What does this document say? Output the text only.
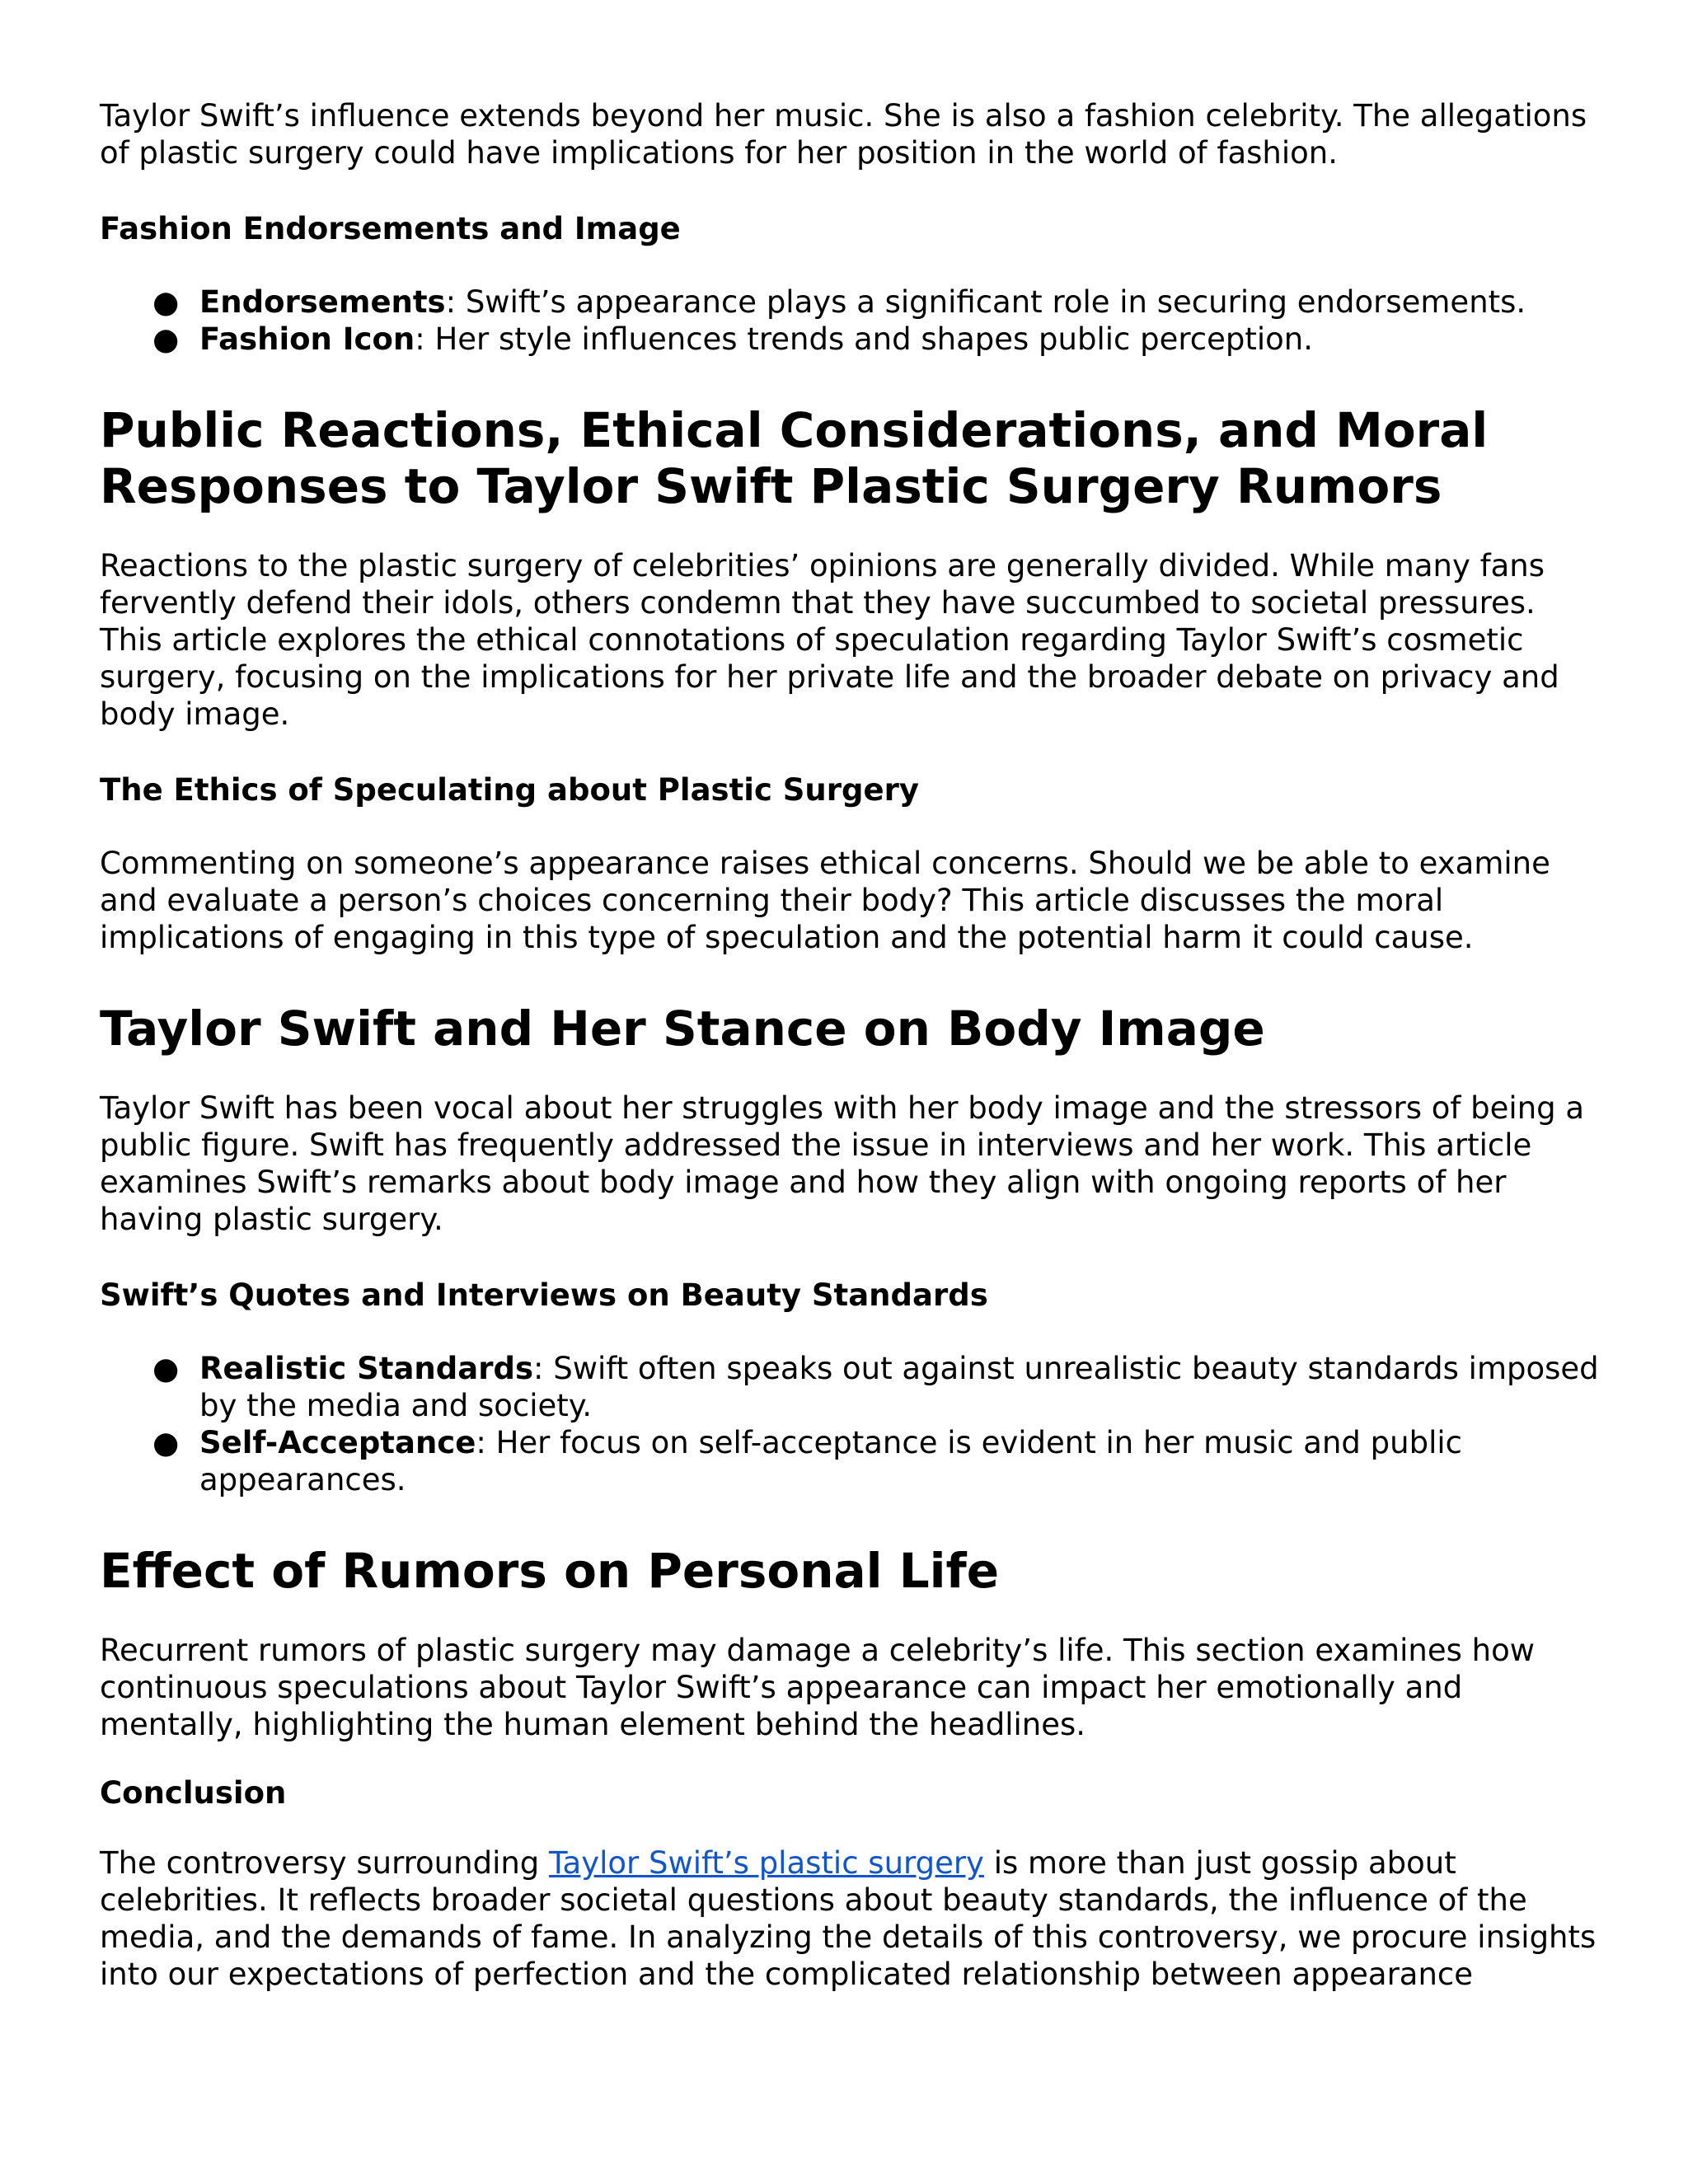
Taylor Swift’s influence extends beyond her music. She is also a fashion celebrity. The allegations of plastic surgery could have implications for her position in the world of fashion.

Fashion Endorsements and Image
● Endorsements: Swift’s appearance plays a significant role in securing endorsements.
● Fashion Icon: Her style influences trends and shapes public perception.
Public Reactions, Ethical Considerations, and Moral Responses to Taylor Swift Plastic Surgery Rumors

Reactions to the plastic surgery of celebrities’ opinions are generally divided. While many fans fervently defend their idols, others condemn that they have succumbed to societal pressures. This article explores the ethical connotations of speculation regarding Taylor Swift’s cosmetic surgery, focusing on the implications for her private life and the broader debate on privacy and body image.

The Ethics of Speculating about Plastic Surgery

Commenting on someone’s appearance raises ethical concerns. Should we be able to examine and evaluate a person’s choices concerning their body? This article discusses the moral implications of engaging in this type of speculation and the potential harm it could cause.

Taylor Swift and Her Stance on Body Image

Taylor Swift has been vocal about her struggles with her body image and the stressors of being a public figure. Swift has frequently addressed the issue in interviews and her work. This article examines Swift’s remarks about body image and how they align with ongoing reports of her having plastic surgery.

Swift’s Quotes and Interviews on Beauty Standards
● Realistic Standards: Swift often speaks out against unrealistic beauty standards imposed by the media and society.
● Self-Acceptance: Her focus on self-acceptance is evident in her music and public appearances.
Effect of Rumors on Personal Life

Recurrent rumors of plastic surgery may damage a celebrity’s life. This section examines how continuous speculations about Taylor Swift’s appearance can impact her emotionally and mentally, highlighting the human element behind the headlines.

Conclusion

The controversy surrounding Taylor Swift’s plastic surgery is more than just gossip about celebrities. It reflects broader societal questions about beauty standards, the influence of the media, and the demands of fame. In analyzing the details of this controversy, we procure insights into our expectations of perfection and the complicated relationship between appearance
